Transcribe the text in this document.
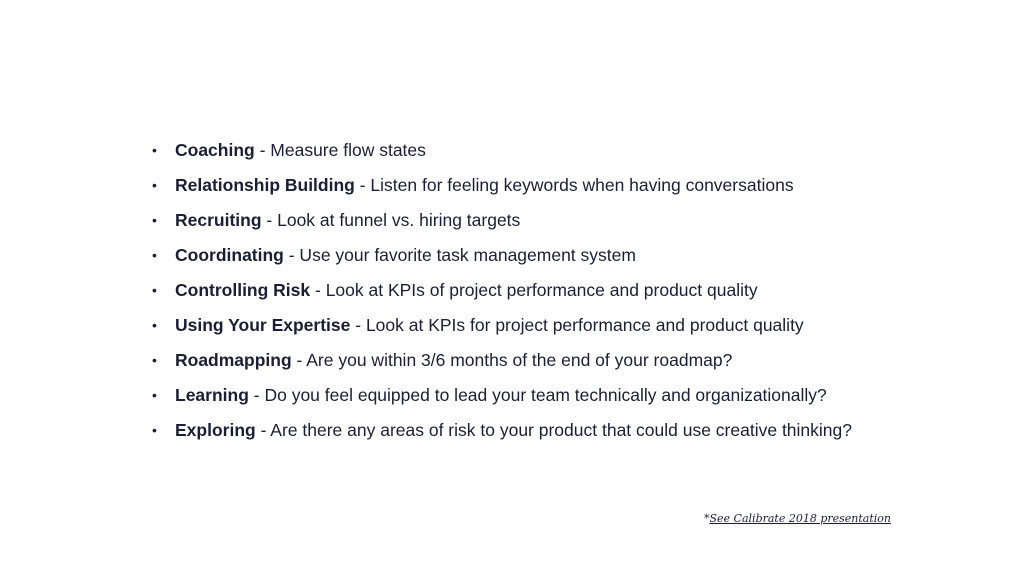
• Coaching - Measure flow states
• Relationship Building - Listen for feeling keywords when having conversations
• Recruiting - Look at funnel vs. hiring targets
• Coordinating - Use your favorite task management system
• Controlling Risk - Look at KPIs of project performance and product quality
• Using Your Expertise - Look at KPIs for project performance and product quality
• Roadmapping - Are you within 3/6 months of the end of your roadmap?
• Learning - Do you feel equipped to lead your team technically and organizationally?
• Exploring - Are there any areas of risk to your product that could use creative thinking?
*See Calibrate 2018 presentation
